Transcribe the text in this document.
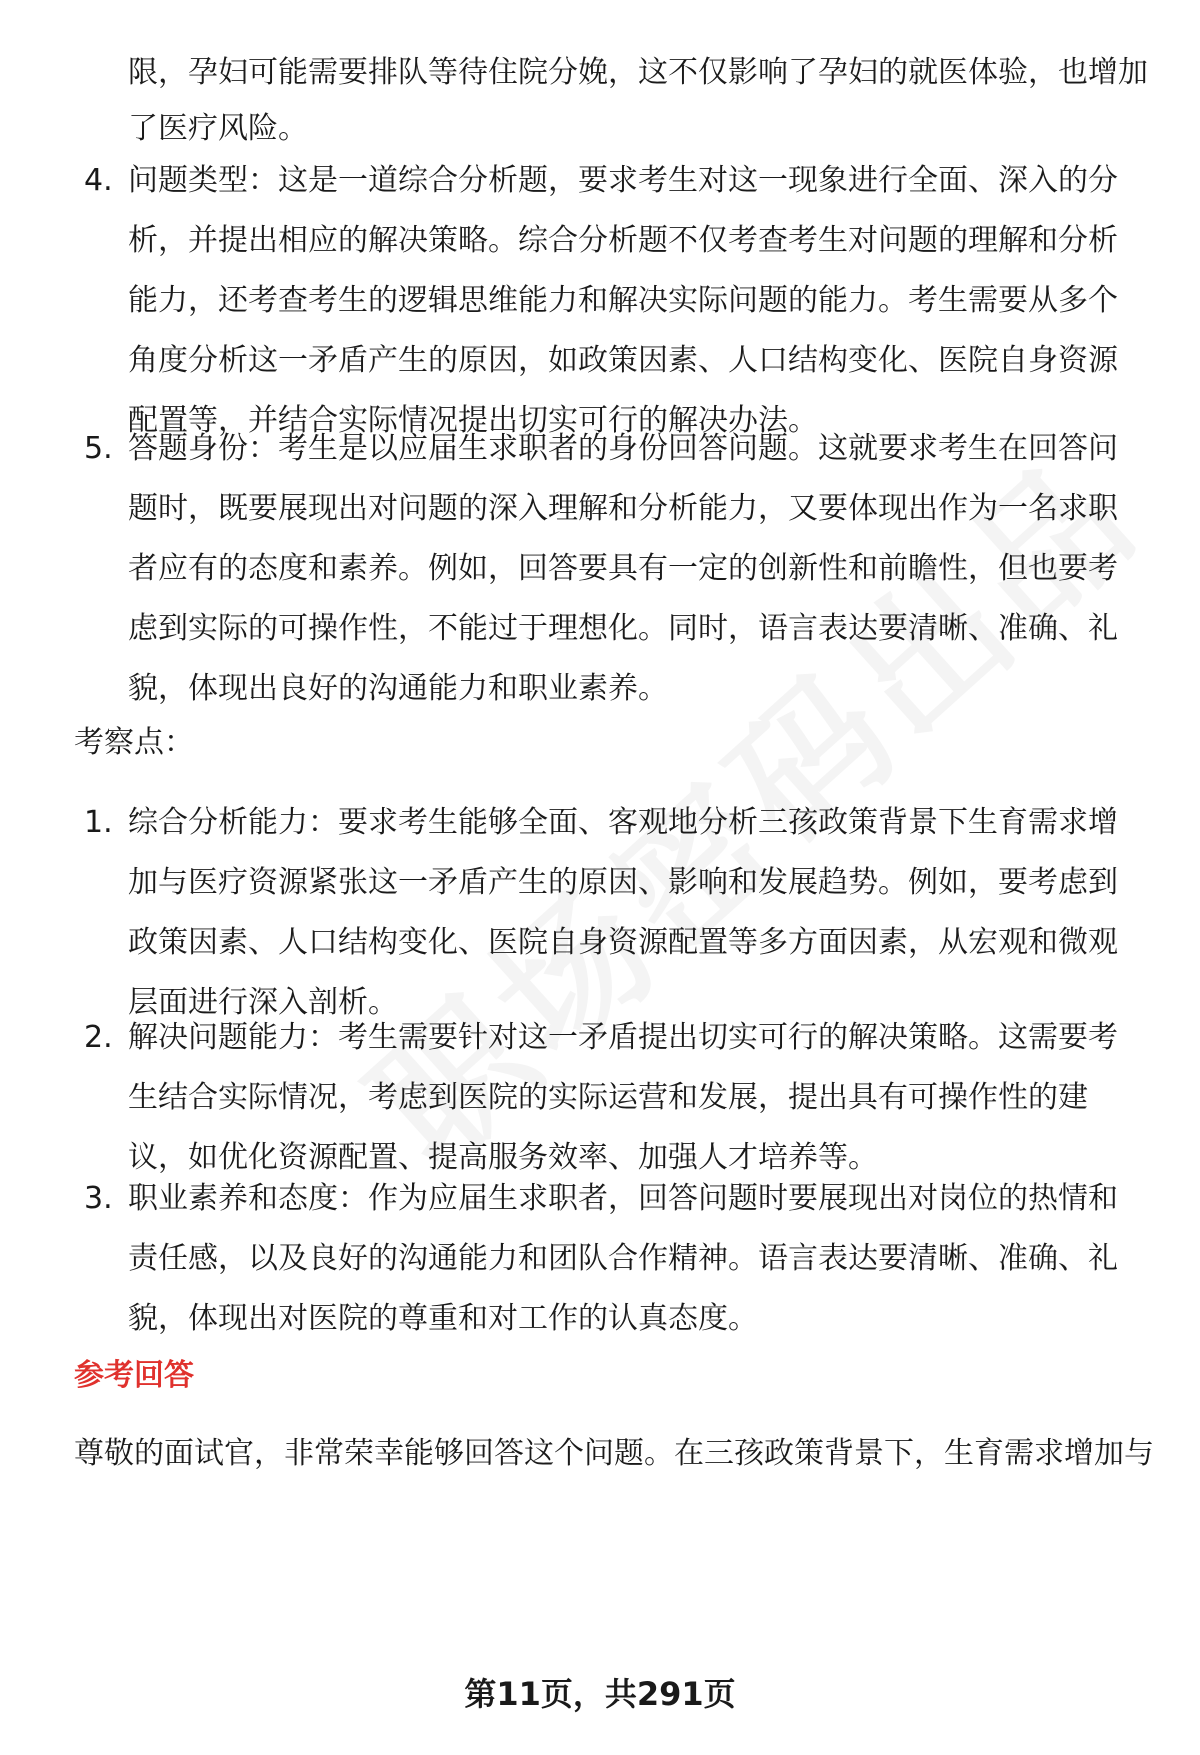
限，孕妇可能需要排队等待住院分娩，这不仅影响了孕妇的就医体验，也增加
了医疗风险。
4. 问题类型：这是一道综合分析题，要求考生对这一现象进行全面、深入的分析，并提出相应的解决策略。综合分析题不仅考查考生对问题的理解和分析能力，还考查考生的逻辑思维能力和解决实际问题的能力。考生需要从多个角度分析这一矛盾产生的原因，如政策因素、人口结构变化、医院自身资源配置等，并结合实际情况提出切实可行的解决办法。
5. 答题身份：考生是以应届生求职者的身份回答问题。这就要求考生在回答问题时，既要展现出对问题的深入理解和分析能力，又要体现出作为一名求职者应有的态度和素养。例如，回答要具有一定的创新性和前瞻性，但也要考虑到实际的可操作性，不能过于理想化。同时，语言表达要清晰、准确、礼貌，体现出良好的沟通能力和职业素养。
考察点：
1. 综合分析能力：要求考生能够全面、客观地分析三孩政策背景下生育需求增加与医疗资源紧张这一矛盾产生的原因、影响和发展趋势。例如，要考虑到政策因素、人口结构变化、医院自身资源配置等多方面因素，从宏观和微观层面进行深入剖析。
2. 解决问题能力：考生需要针对这一矛盾提出切实可行的解决策略。这需要考生结合实际情况，考虑到医院的实际运营和发展，提出具有可操作性的建议，如优化资源配置、提高服务效率、加强人才培养等。
3. 职业素养和态度：作为应届生求职者，回答问题时要展现出对岗位的热情和责任感，以及良好的沟通能力和团队合作精神。语言表达要清晰、准确、礼貌，体现出对医院的尊重和对工作的认真态度。
参考回答
尊敬的面试官，非常荣幸能够回答这个问题。在三孩政策背景下，生育需求增加与
第11页，共291页
